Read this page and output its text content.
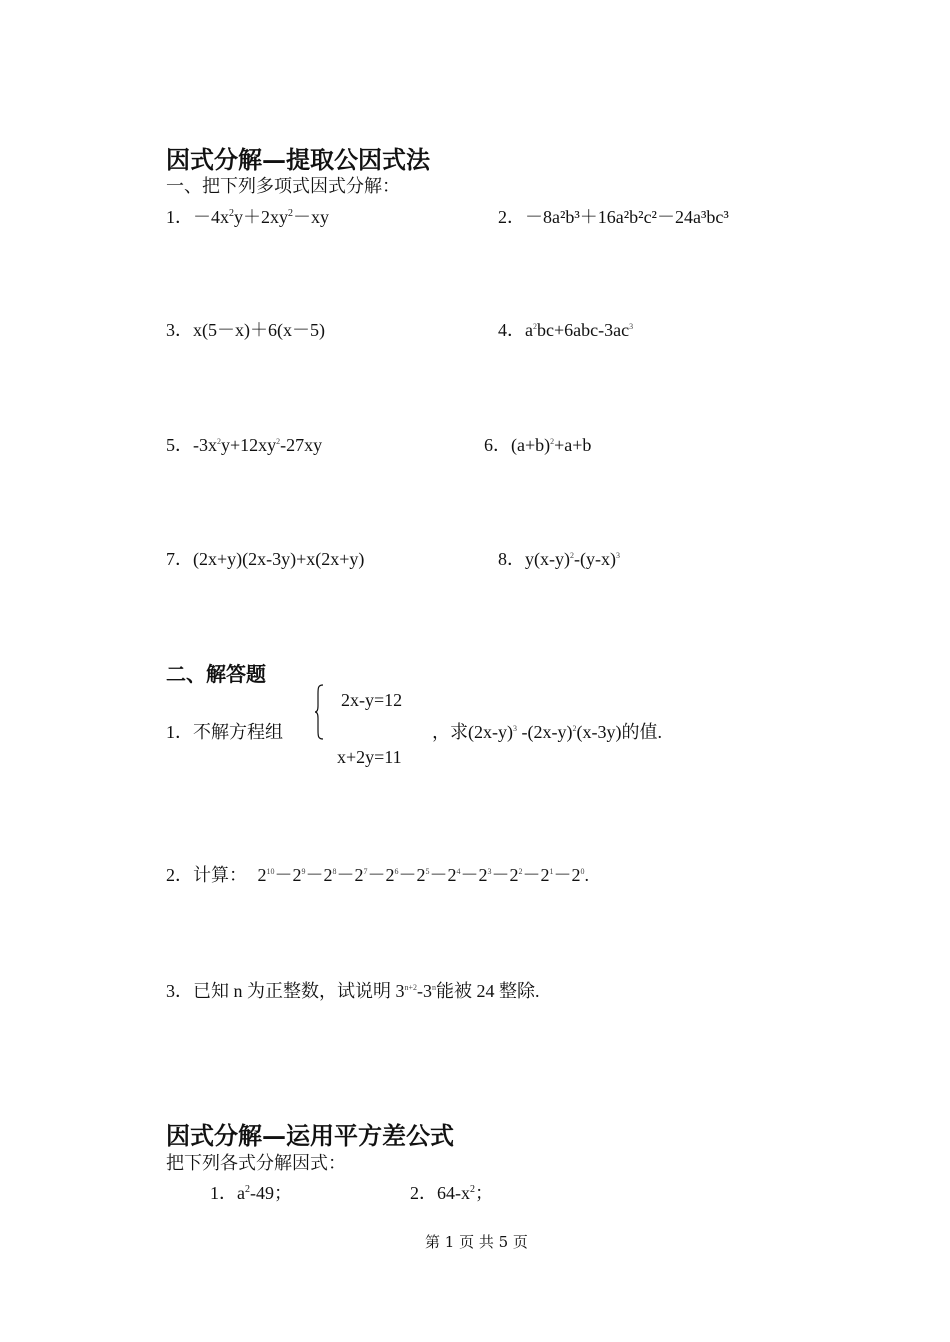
因式分解—提取公因式法
一、把下列多项式因式分解：
1．$-4x^2y+2xy^2-xy$	2．－8a²b³＋16a²b²c²－24a³bc³
3．x(5－x)＋6(x－5)	4．$a^2bc+6abc-3ac^3$
5．$-3x^2y+12xy^2-27xy$	6．$(a+b)^2+a+b$
7．(2x+y)(2x-3y)+x(2x+y)	8．$y(x-y)^2-(y-x)^3$
二、解答题
1．不解方程组
2x-y=12
x+2y=11
，求$(2x-y)^3$ $-(2x-y)^2(x-3y)$的值.
2．计算： $2^{10}-2^9-2^8-2^7-2^6-2^5-2^4-2^3-2^2-2^1-2^0$.
3．已知 n 为正整数，试说明 $3^{n+2}-3^n$能被 24 整除.
因式分解—运用平方差公式
把下列各式分解因式：
1．$a^2-49$；	2．$64-x^2$；
第 1 页 共 5 页
